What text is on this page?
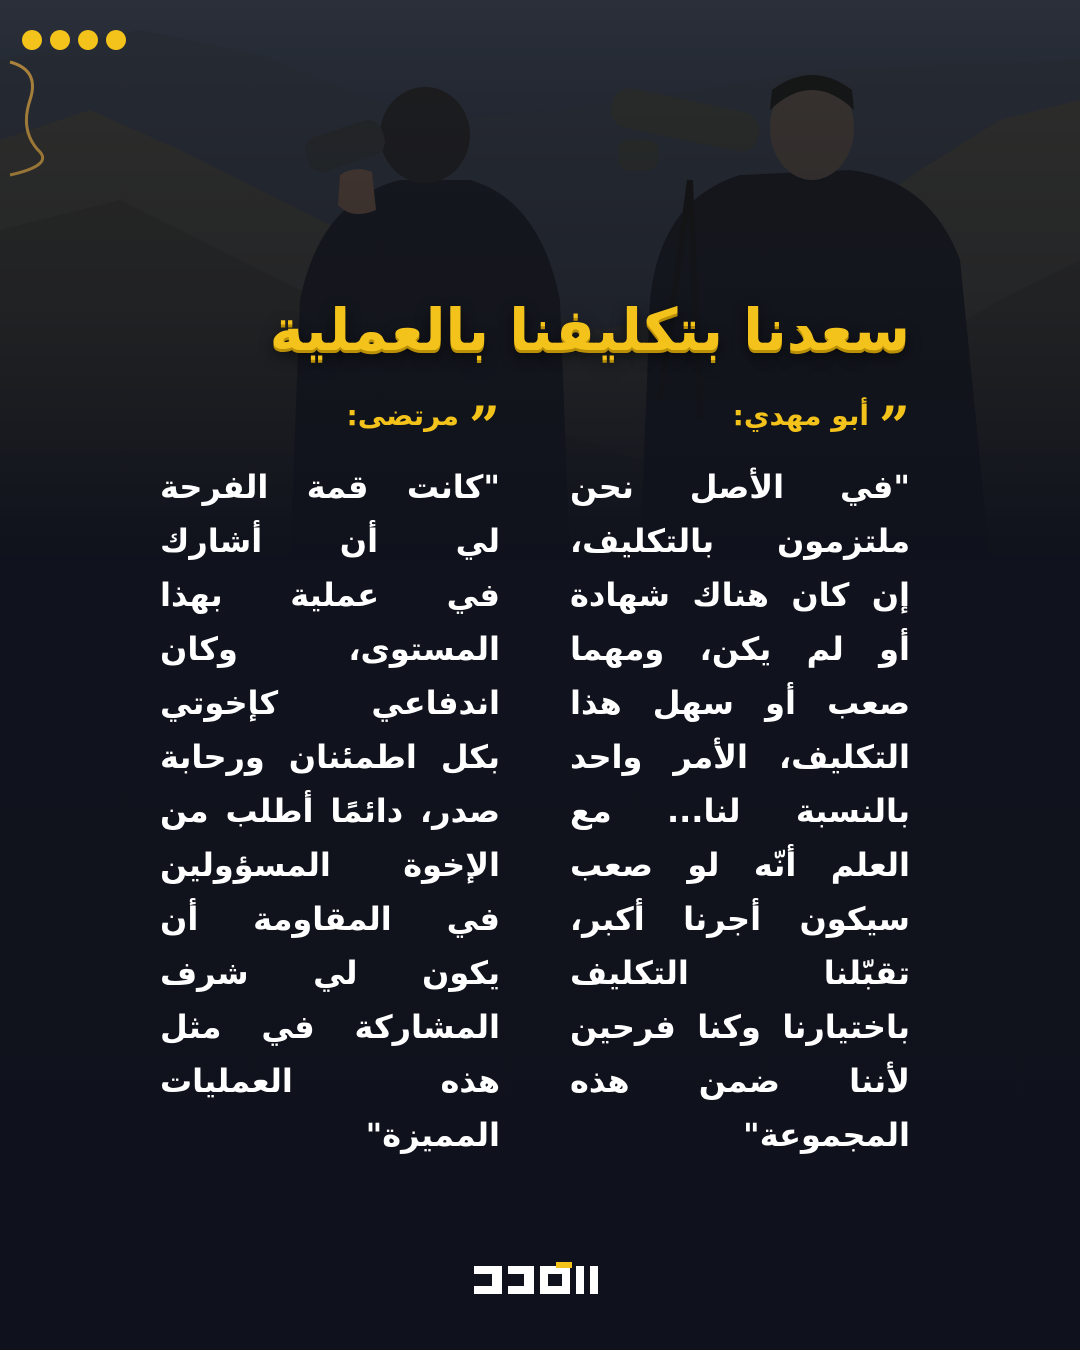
سعدنا بتكليفنا بالعملية
”
أبو مهدي:
"في الأصل نحن
ملتزمون بالتكليف،
إن كان هناك شهادة
أو لم يكن، ومهما
صعب أو سهل هذا
التكليف، الأمر واحد
بالنسبة لنا... مع
العلم أنّه لو صعب
سيكون أجرنا أكبر،
تقبّلنا التكليف
باختيارنا وكنا فرحين
لأننا ضمن هذه
المجموعة"
”
مرتضى:
"كانت قمة الفرحة
لي أن أشارك
في عملية بهذا
المستوى، وكان
اندفاعي كإخوتي
بكل اطمئنان ورحابة
صدر، دائمًا أطلب من
الإخوة المسؤولين
في المقاومة أن
يكون لي شرف
المشاركة في مثل
هذه العمليات
المميزة"
